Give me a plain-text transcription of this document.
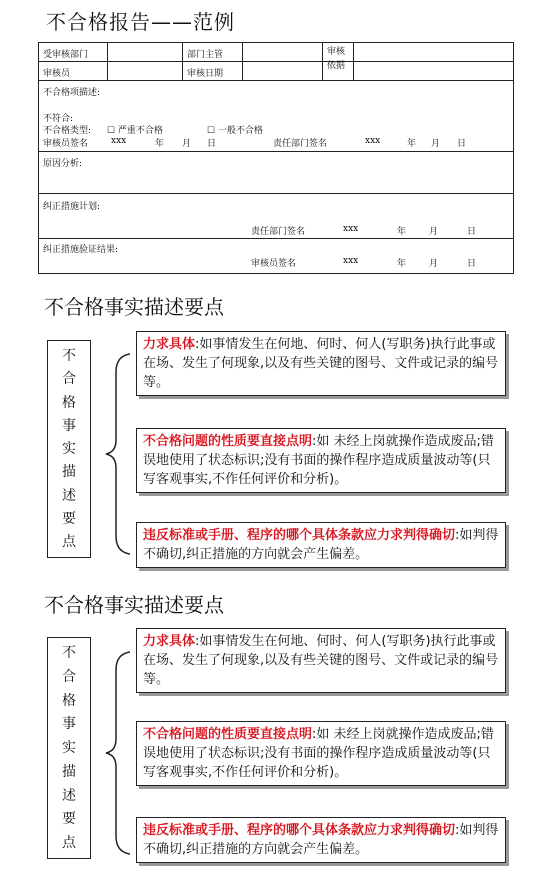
不合格报告——范例
受审核部门	部门主管	审核依据
审核员	审核日期
不合格项描述:
不符合:
不合格类型: ☐ 严重不合格	☐ 一般不合格
审核员签名	xxx	年 月 日	责任部门签名	xxx	年 月 日
原因分析:
纠正措施计划:
责任部门签名	xxx	年	月	日
纠正措施验证结果:
审核员签名	xxx	年	月	日
不合格事实描述要点
不
合
格
事
实
描
述
要
点
力求具体:如事情发生在何地、何时、何人(写职务)执行此事或在场、发生了何现象,以及有些关键的图号、文件或记录的编号等。
不合格问题的性质要直接点明:如 未经上岗就操作造成废品;错误地使用了状态标识;没有书面的操作程序造成质量波动等(只写客观事实,不作任何评价和分析)。
违反标准或手册、程序的哪个具体条款应力求判得确切:如判得不确切,纠正措施的方向就会产生偏差。
不合格事实描述要点
不
合
格
事
实
描
述
要
点
力求具体:如事情发生在何地、何时、何人(写职务)执行此事或在场、发生了何现象,以及有些关键的图号、文件或记录的编号等。
不合格问题的性质要直接点明:如 未经上岗就操作造成废品;错误地使用了状态标识;没有书面的操作程序造成质量波动等(只写客观事实,不作任何评价和分析)。
违反标准或手册、程序的哪个具体条款应力求判得确切:如判得不确切,纠正措施的方向就会产生偏差。
